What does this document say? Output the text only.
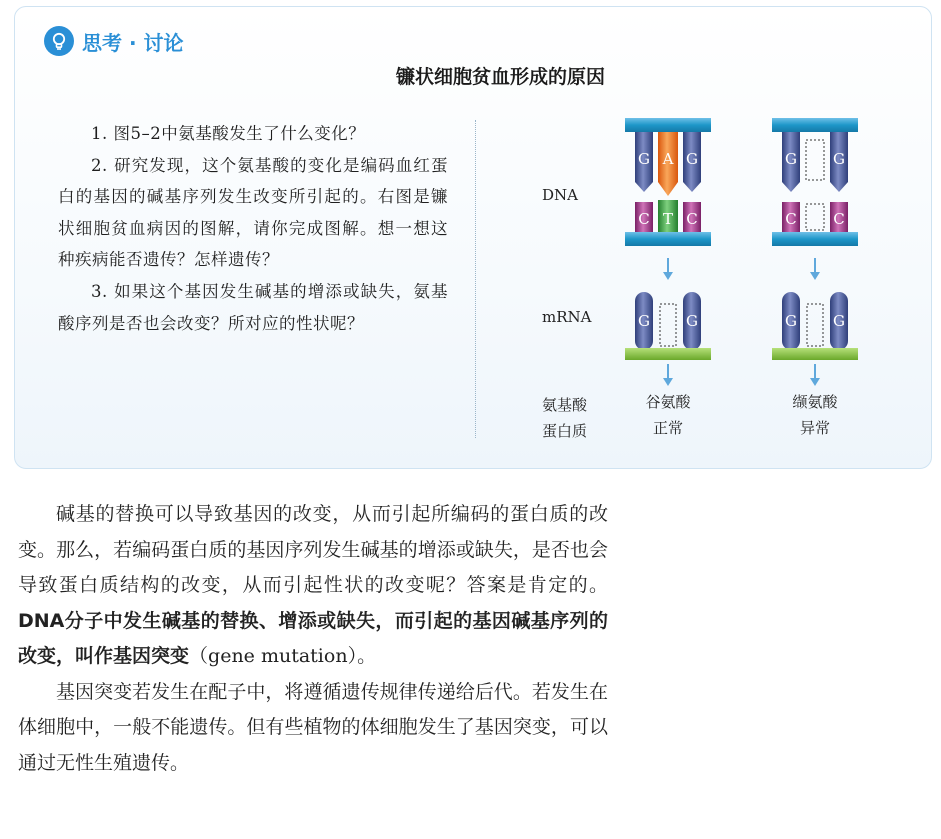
思考 · 讨论
镰状细胞贫血形成的原因

1. 图5–2中氨基酸发生了什么变化？

2. 研究发现，这个氨基酸的变化是编码血红蛋白的基因的碱基序列发生改变所引起的。右图是镰状细胞贫血病因的图解，请你完成图解。想一想这种疾病能否遗传？怎样遗传？

3. 如果这个基因发生碱基的增添或缺失，氨基酸序列是否也会改变？所对应的性状呢？

DNA
mRNA
氨基酸
蛋白质
G A G
C T C
G G
谷氨酸
正常
G G
C C
G G
缬氨酸
异常

碱基的替换可以导致基因的改变，从而引起所编码的蛋白质的改变。那么，若编码蛋白质的基因序列发生碱基的增添或缺失，是否也会导致蛋白质结构的改变，从而引起性状的改变呢？答案是肯定的。DNA分子中发生碱基的替换、增添或缺失，而引起的基因碱基序列的改变，叫作基因突变（gene mutation）。

基因突变若发生在配子中，将遵循遗传规律传递给后代。若发生在体细胞中，一般不能遗传。但有些植物的体细胞发生了基因突变，可以通过无性生殖遗传。
